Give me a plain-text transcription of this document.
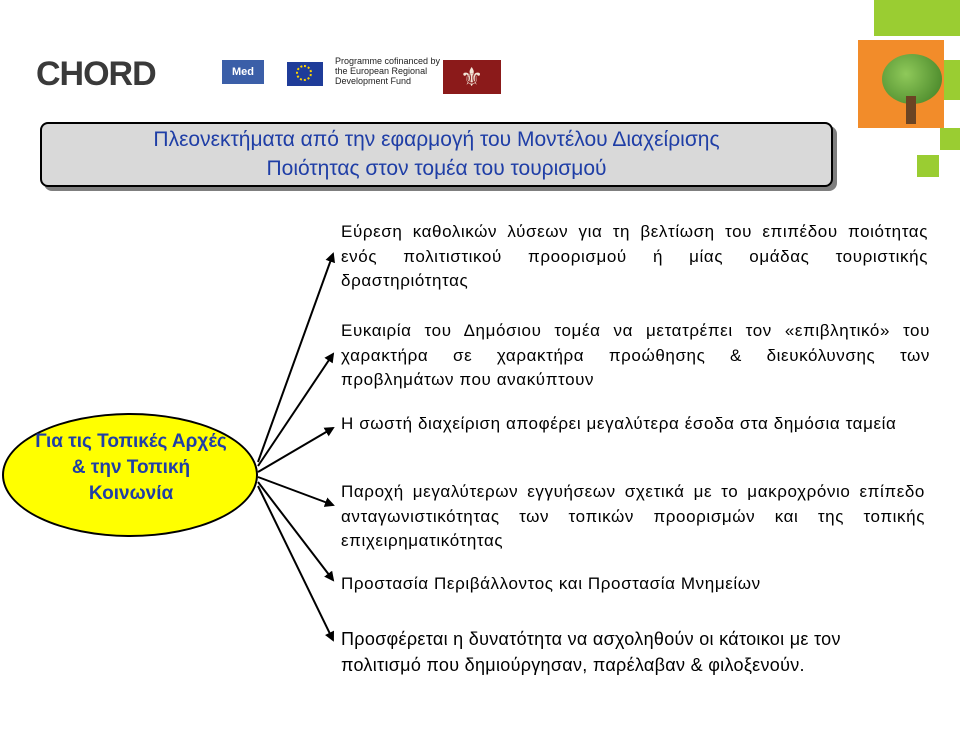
CHORD	Med
Programme cofinanced by the European Regional Development Fund
⚜
Πλεονεκτήματα από την εφαρμογή του Μοντέλου Διαχείρισης
Ποιότητας στον τομέα του τουρισμού
Για τις Τοπικές Αρχές
& την Τοπική
Κοινωνία
Εύρεση καθολικών λύσεων για τη βελτίωση του επιπέδου ποιότητας ενός πολιτιστικού προορισμού ή μίας ομάδας τουριστικής δραστηριότητας
Ευκαιρία του Δημόσιου τομέα να μετατρέπει τον «επιβλητικό» του χαρακτήρα σε χαρακτήρα προώθησης & διευκόλυνσης των προβλημάτων που ανακύπτουν
Η σωστή διαχείριση αποφέρει μεγαλύτερα έσοδα στα δημόσια ταμεία
Παροχή μεγαλύτερων εγγυήσεων σχετικά με το μακροχρόνιο επίπεδο ανταγωνιστικότητας των τοπικών προορισμών και της τοπικής επιχειρηματικότητας
Προστασία Περιβάλλοντος και Προστασία Μνημείων
Προσφέρεται η δυνατότητα να ασχοληθούν οι κάτοικοι με τον πολιτισμό που δημιούργησαν, παρέλαβαν & φιλοξενούν.
